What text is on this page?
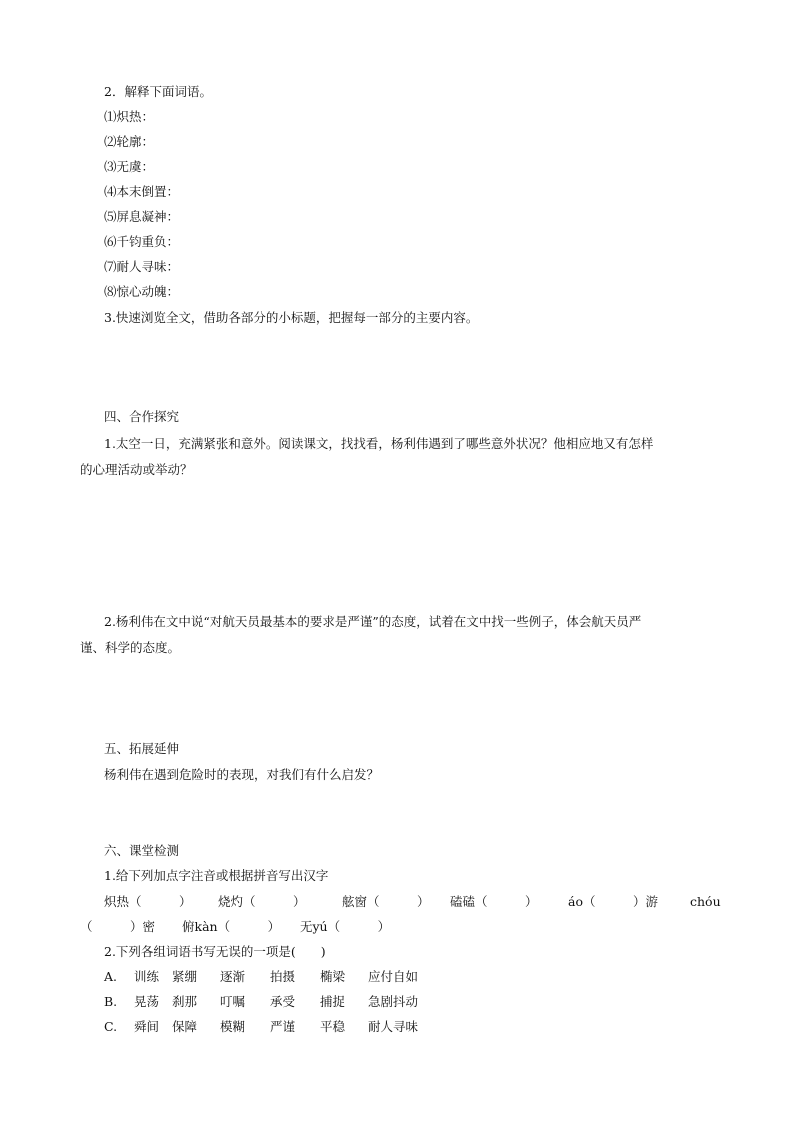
2．解释下面词语。
⑴炽热：
⑵轮廓：
⑶无虞：
⑷本末倒置：
⑸屏息凝神：
⑹千钧重负：
⑺耐人寻味：
⑻惊心动魄：
3.快速浏览全文，借助各部分的小标题，把握每一部分的主要内容。
四、合作探究
1.太空一日，充满紧张和意外。阅读课文，找找看，杨利伟遇到了哪些意外状况？他相应地又有怎样
的心理活动或举动？
2.杨利伟在文中说“对航天员最基本的要求是严谨”的态度，试着在文中找一些例子，体会航天员严
谨、科学的态度。
五、拓展延伸
杨利伟在遇到危险时的表现，对我们有什么启发？
六、课堂检测
1.给下列加点字注音或根据拼音写出汉字
炽热（　　　） 烧灼（　　　）	舷窗（　　　） 磕磕（　　　） áo（　　　）游	chóu
（　　　）密 俯kàn（　　　） 无yú（　　　）
2.下列各组词语书写无误的一项是(　　)
A. 训练 紧绷 逐渐 拍摄 椭梁 应付自如
B. 晃荡 刹那 叮嘱 承受 捕捉 急剧抖动
C. 舜间 保障 模糊 严谨 平稳 耐人寻味
